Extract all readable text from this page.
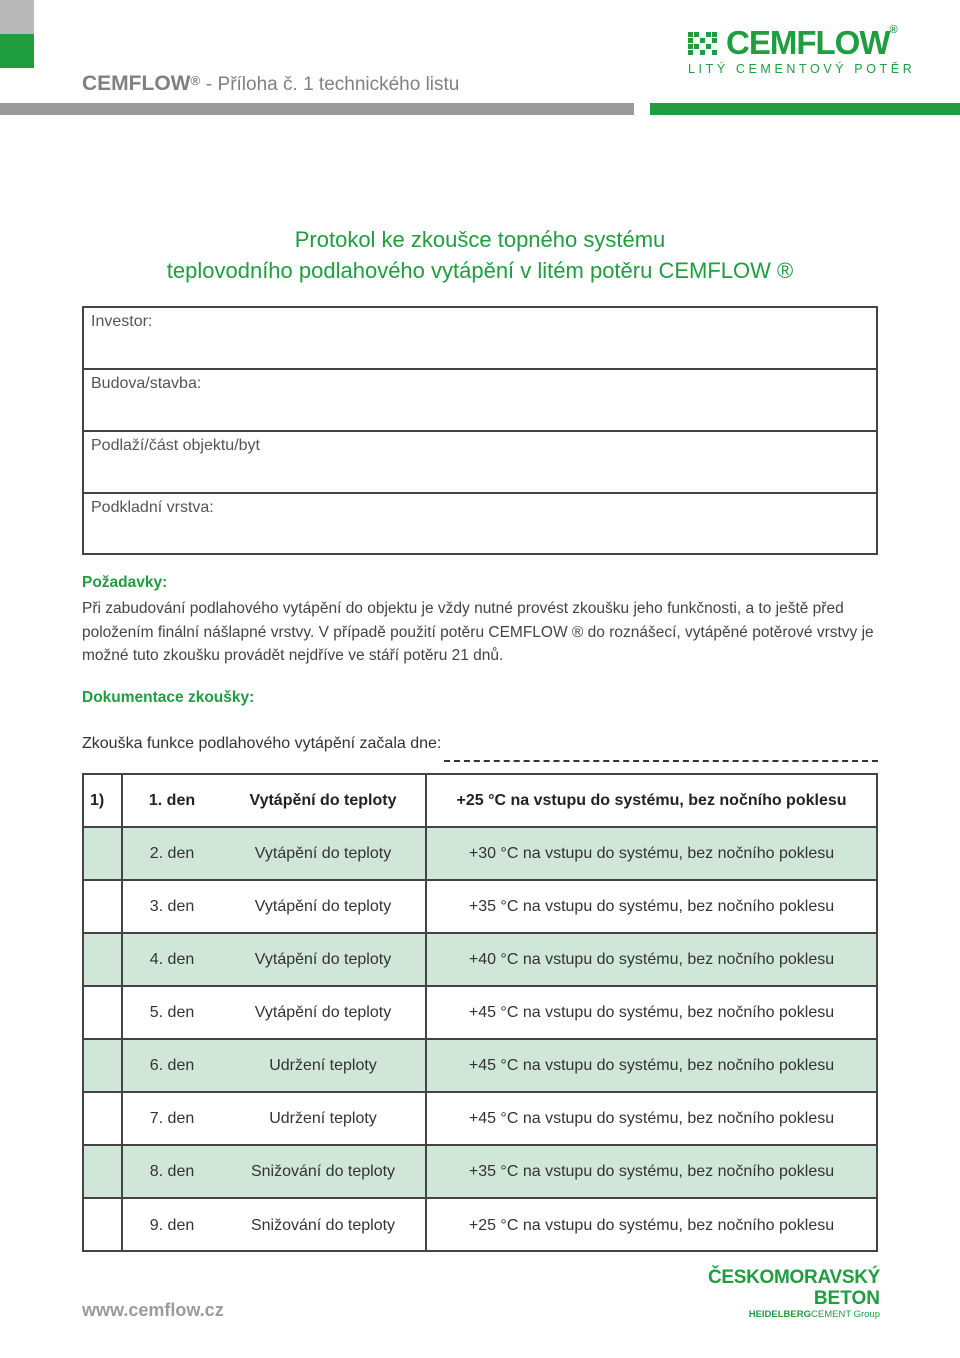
CEMFLOW® - Příloha č. 1 technického listu
CEMFLOW®
LITÝ CEMENTOVÝ POTĚR
Protokol ke zkoušce topného systému
teplovodního podlahového vytápění v litém potěru CEMFLOW ®
Investor:
Budova/stavba:
Podlaží/část objektu/byt
Podkladní vrstva:
Požadavky:
Při zabudování podlahového vytápění do objektu je vždy nutné provést zkoušku jeho funkčnosti, a to ještě před položením finální nášlapné vrstvy. V případě použití potěru CEMFLOW ® do roznášecí, vytápěné potěrové vrstvy je možné tuto zkoušku provádět nejdříve ve stáří potěru 21 dnů.
Dokumentace zkoušky:
Zkouška funkce podlahového vytápění začala dne:
1)	1. den	Vytápění do teploty	+25 °C na vstupu do systému, bez nočního poklesu
2. den	Vytápění do teploty	+30 °C na vstupu do systému, bez nočního poklesu
3. den	Vytápění do teploty	+35 °C na vstupu do systému, bez nočního poklesu
4. den	Vytápění do teploty	+40 °C na vstupu do systému, bez nočního poklesu
5. den	Vytápění do teploty	+45 °C na vstupu do systému, bez nočního poklesu
6. den	Udržení teploty	+45 °C na vstupu do systému, bez nočního poklesu
7. den	Udržení teploty	+45 °C na vstupu do systému, bez nočního poklesu
8. den	Snižování do teploty	+35 °C na vstupu do systému, bez nočního poklesu
9. den	Snižování do teploty	+25 °C na vstupu do systému, bez nočního poklesu
www.cemflow.cz
ČESKOMORAVSKÝ
BETON
HEIDELBERGCEMENT Group
